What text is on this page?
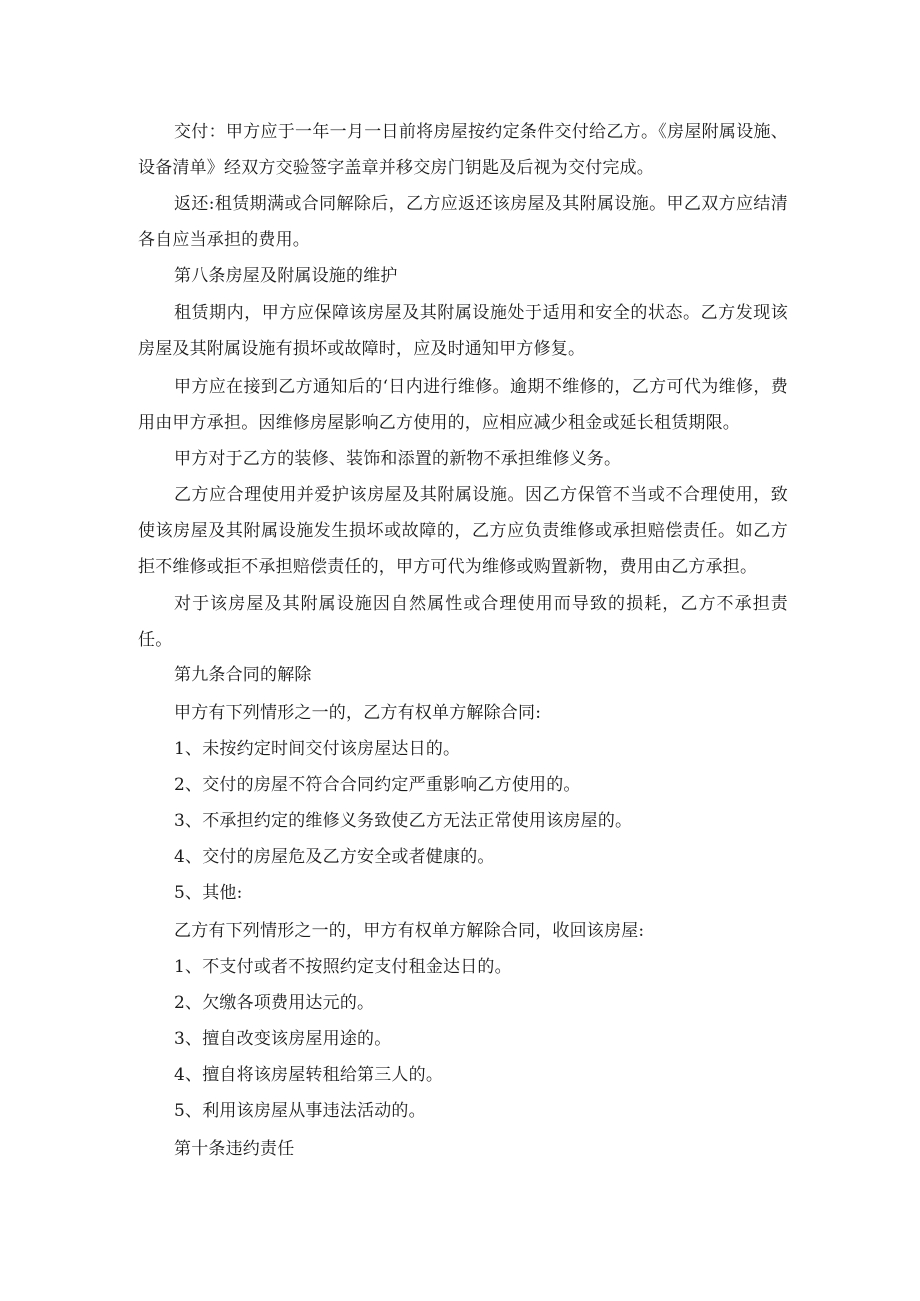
交付：甲方应于一年一月一日前将房屋按约定条件交付给乙方。《房屋附属设施、设备清单》经双方交验签字盖章并移交房门钥匙及后视为交付完成。

返还:租赁期满或合同解除后，乙方应返还该房屋及其附属设施。甲乙双方应结清各自应当承担的费用。

第八条房屋及附属设施的维护

租赁期内，甲方应保障该房屋及其附属设施处于适用和安全的状态。乙方发现该房屋及其附属设施有损坏或故障时，应及时通知甲方修复。

甲方应在接到乙方通知后的‘日内进行维修。逾期不维修的，乙方可代为维修，费用由甲方承担。因维修房屋影响乙方使用的，应相应减少租金或延长租赁期限。

甲方对于乙方的装修、装饰和添置的新物不承担维修义务。

乙方应合理使用并爱护该房屋及其附属设施。因乙方保管不当或不合理使用，致使该房屋及其附属设施发生损坏或故障的，乙方应负责维修或承担赔偿责任。如乙方拒不维修或拒不承担赔偿责任的，甲方可代为维修或购置新物，费用由乙方承担。

对于该房屋及其附属设施因自然属性或合理使用而导致的损耗，乙方不承担责任。

第九条合同的解除

甲方有下列情形之一的，乙方有权单方解除合同:

1、未按约定时间交付该房屋达日的。

2、交付的房屋不符合合同约定严重影响乙方使用的。

3、不承担约定的维修义务致使乙方无法正常使用该房屋的。

4、交付的房屋危及乙方安全或者健康的。

5、其他:

乙方有下列情形之一的，甲方有权单方解除合同，收回该房屋:

1、不支付或者不按照约定支付租金达日的。

2、欠缴各项费用达元的。

3、擅自改变该房屋用途的。

4、擅自将该房屋转租给第三人的。

5、利用该房屋从事违法活动的。

第十条违约责任
